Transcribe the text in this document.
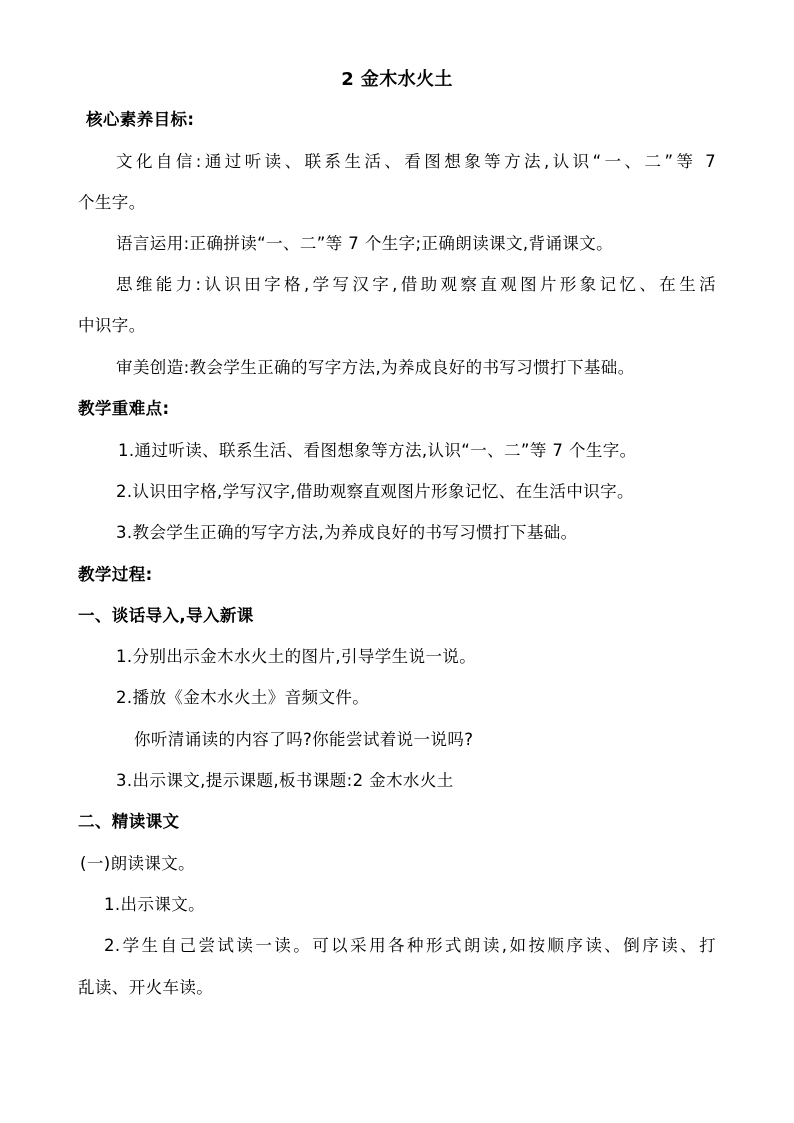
2 金木水火土
核心素养目标:
文化自信:通过听读、联系生活、看图想象等方法,认识“一、二”等 7
个生字。
语言运用:正确拼读“一、二”等 7 个生字;正确朗读课文,背诵课文。
思维能力:认识田字格,学写汉字,借助观察直观图片形象记忆、在生活
中识字。
审美创造:教会学生正确的写字方法,为养成良好的书写习惯打下基础。
教学重难点:
1.通过听读、联系生活、看图想象等方法,认识“一、二”等 7 个生字。
2.认识田字格,学写汉字,借助观察直观图片形象记忆、在生活中识字。
3.教会学生正确的写字方法,为养成良好的书写习惯打下基础。
教学过程:
一、谈话导入,导入新课
1.分别出示金木水火土的图片,引导学生说一说。
2.播放《金木水火土》音频文件。
你听清诵读的内容了吗?你能尝试着说一说吗?
3.出示课文,提示课题,板书课题:2 金木水火土
二、精读课文
(一)朗读课文。
1.出示课文。
2.学生自己尝试读一读。可以采用各种形式朗读,如按顺序读、倒序读、打
乱读、开火车读。
